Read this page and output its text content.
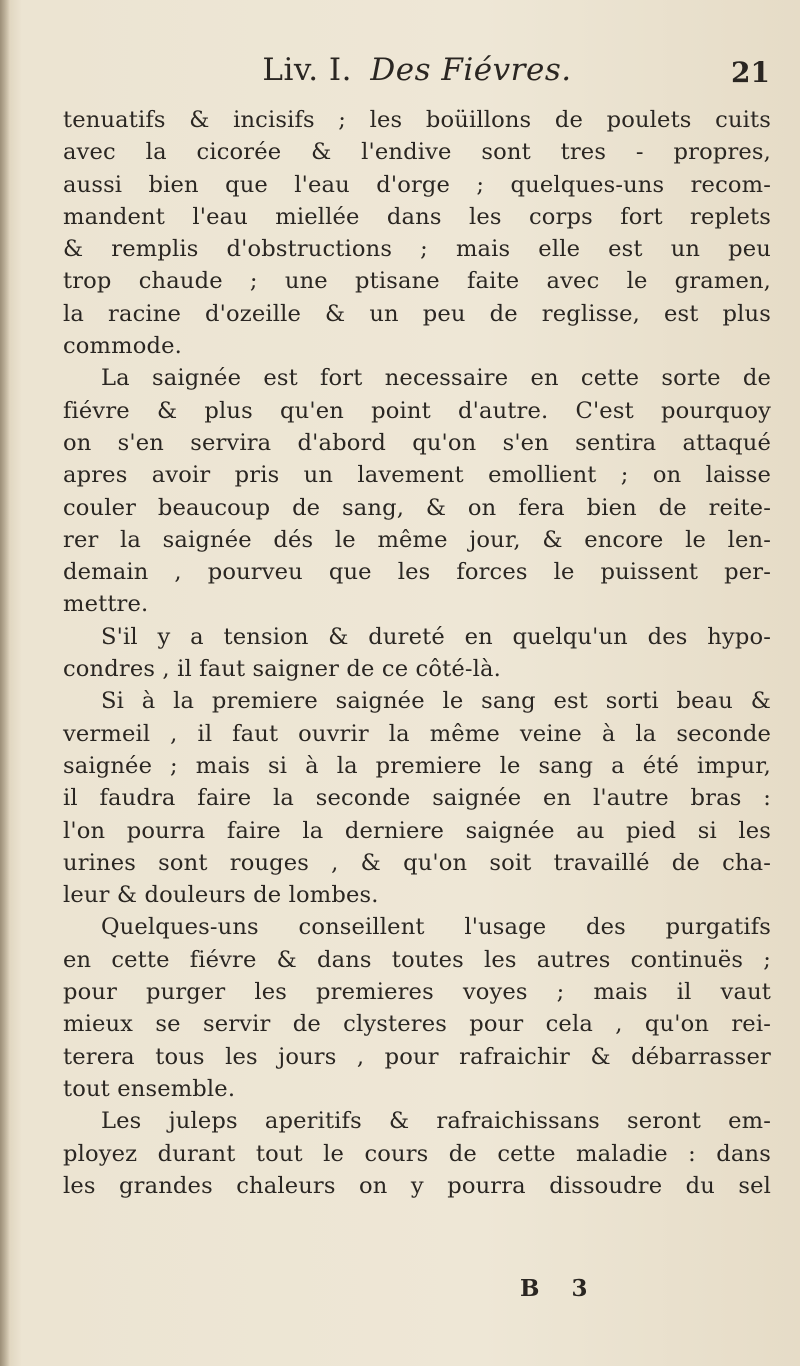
Liv. I. Des Fiévres.	21
tenuatifs & incisifs ; les boüillons de poulets cuits
avec la cicorée & l'endive sont tres - propres,
aussi bien que l'eau d'orge ; quelques-uns recom-
mandent l'eau miellée dans les corps fort replets
& remplis d'obstructions ; mais elle est un peu
trop chaude ; une ptisane faite avec le gramen,
la racine d'ozeille & un peu de reglisse, est plus
commode.
La saignée est fort necessaire en cette sorte de
fiévre & plus qu'en point d'autre. C'est pourquoy
on s'en servira d'abord qu'on s'en sentira attaqué
apres avoir pris un lavement emollient ; on laisse
couler beaucoup de sang, & on fera bien de reite-
rer la saignée dés le même jour, & encore le len-
demain , pourveu que les forces le puissent per-
mettre.
S'il y a tension & dureté en quelqu'un des hypo-
condres , il faut saigner de ce côté-là.
Si à la premiere saignée le sang est sorti beau &
vermeil , il faut ouvrir la même veine à la seconde
saignée ; mais si à la premiere le sang a été impur,
il faudra faire la seconde saignée en l'autre bras :
l'on pourra faire la derniere saignée au pied si les
urines sont rouges , & qu'on soit travaillé de cha-
leur & douleurs de lombes.
Quelques-uns conseillent l'usage des purgatifs
en cette fiévre & dans toutes les autres continuës ;
pour purger les premieres voyes ; mais il vaut
mieux se servir de clysteres pour cela , qu'on rei-
terera tous les jours , pour rafraichir & débarrasser
tout ensemble.
Les juleps aperitifs & rafraichissans seront em-
ployez durant tout le cours de cette maladie : dans
les grandes chaleurs on y pourra dissoudre du sel
B 3
